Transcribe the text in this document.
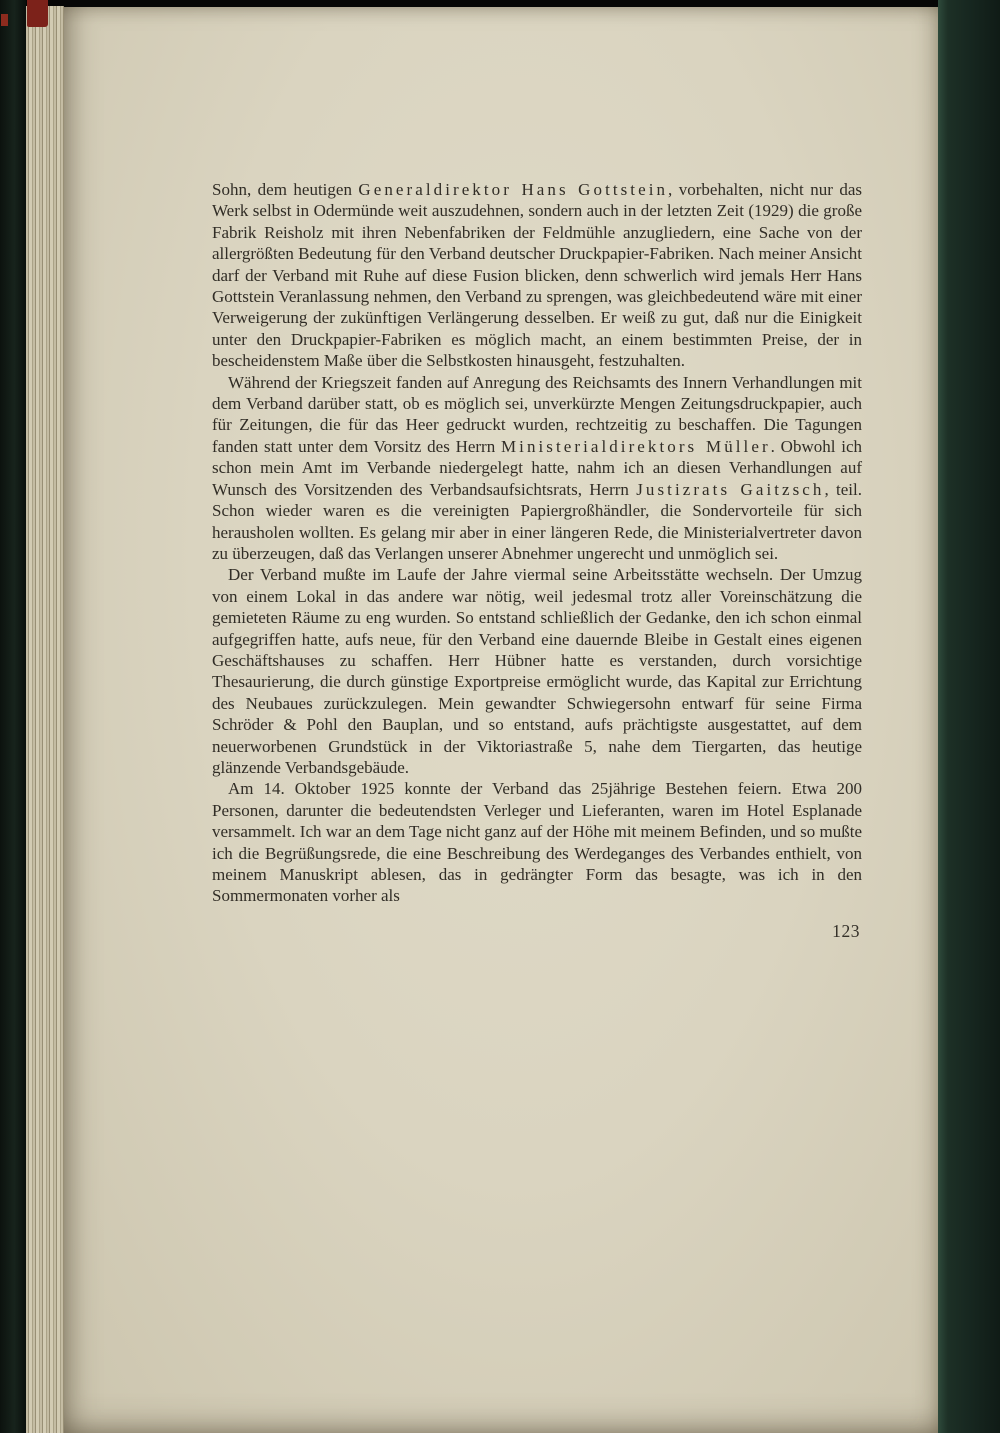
Sohn, dem heutigen Generaldirektor Hans Gottstein, vorbehalten, nicht nur das Werk selbst in Odermünde weit auszudehnen, sondern auch in der letzten Zeit (1929) die große Fabrik Reisholz mit ihren Nebenfabriken der Feldmühle anzugliedern, eine Sache von der allergrößten Bedeutung für den Verband deutscher Druckpapier-Fabriken. Nach meiner Ansicht darf der Verband mit Ruhe auf diese Fusion blicken, denn schwerlich wird jemals Herr Hans Gottstein Veranlassung nehmen, den Verband zu sprengen, was gleichbedeutend wäre mit einer Verweigerung der zukünftigen Verlängerung desselben. Er weiß zu gut, daß nur die Einigkeit unter den Druckpapier-Fabriken es möglich macht, an einem bestimmten Preise, der in bescheidenstem Maße über die Selbstkosten hinausgeht, festzuhalten.

Während der Kriegszeit fanden auf Anregung des Reichsamts des Innern Verhandlungen mit dem Verband darüber statt, ob es möglich sei, unverkürzte Mengen Zeitungsdruckpapier, auch für Zeitungen, die für das Heer gedruckt wurden, rechtzeitig zu beschaffen. Die Tagungen fanden statt unter dem Vorsitz des Herrn Ministerialdirektors Müller. Obwohl ich schon mein Amt im Verbande niedergelegt hatte, nahm ich an diesen Verhandlungen auf Wunsch des Vorsitzenden des Verbandsaufsichtsrats, Herrn Justizrats Gaitzsch, teil. Schon wieder waren es die vereinigten Papiergroßhändler, die Sondervorteile für sich herausholen wollten. Es gelang mir aber in einer längeren Rede, die Ministerialvertreter davon zu überzeugen, daß das Verlangen unserer Abnehmer ungerecht und unmöglich sei.

Der Verband mußte im Laufe der Jahre viermal seine Arbeitsstätte wechseln. Der Umzug von einem Lokal in das andere war nötig, weil jedesmal trotz aller Voreinschätzung die gemieteten Räume zu eng wurden. So entstand schließlich der Gedanke, den ich schon einmal aufgegriffen hatte, aufs neue, für den Verband eine dauernde Bleibe in Gestalt eines eigenen Geschäftshauses zu schaffen. Herr Hübner hatte es verstanden, durch vorsichtige Thesaurierung, die durch günstige Exportpreise ermöglicht wurde, das Kapital zur Errichtung des Neubaues zurückzulegen. Mein gewandter Schwiegersohn entwarf für seine Firma Schröder & Pohl den Bauplan, und so entstand, aufs prächtigste ausgestattet, auf dem neuerworbenen Grundstück in der Viktoriastraße 5, nahe dem Tiergarten, das heutige glänzende Verbandsgebäude.

Am 14. Oktober 1925 konnte der Verband das 25jährige Bestehen feiern. Etwa 200 Personen, darunter die bedeutendsten Verleger und Lieferanten, waren im Hotel Esplanade versammelt. Ich war an dem Tage nicht ganz auf der Höhe mit meinem Befinden, und so mußte ich die Begrüßungsrede, die eine Beschreibung des Werdeganges des Verbandes enthielt, von meinem Manuskript ablesen, das in gedrängter Form das besagte, was ich in den Sommermonaten vorher als

123
